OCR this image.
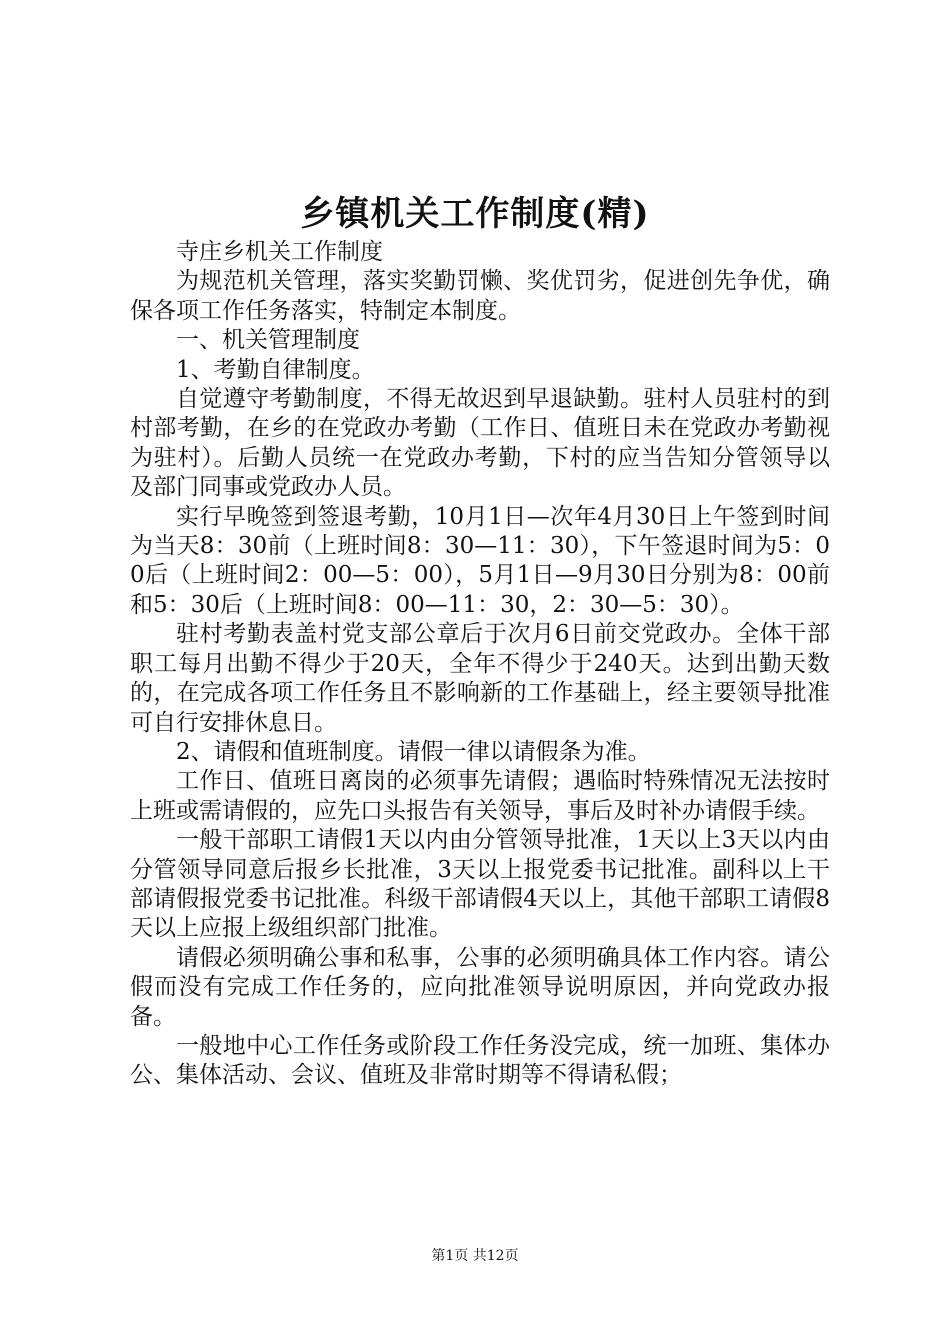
乡镇机关工作制度(精)

寺庄乡机关工作制度

为规范机关管理，落实奖勤罚懒、奖优罚劣，促进创先争优，确保各项工作任务落实，特制定本制度。

一、机关管理制度

1、考勤自律制度。

自觉遵守考勤制度，不得无故迟到早退缺勤。驻村人员驻村的到村部考勤，在乡的在党政办考勤（工作日、值班日未在党政办考勤视为驻村）。后勤人员统一在党政办考勤，下村的应当告知分管领导以及部门同事或党政办人员。

实行早晚签到签退考勤，10月1日—次年4月30日上午签到时间为当天8：30前（上班时间8：30—11：30），下午签退时间为5：00后（上班时间2：00—5：00），5月1日—9月30日分别为8：00前和5：30后（上班时间8：00—11：30，2：30—5：30）。

驻村考勤表盖村党支部公章后于次月6日前交党政办。全体干部职工每月出勤不得少于20天，全年不得少于240天。达到出勤天数的，在完成各项工作任务且不影响新的工作基础上，经主要领导批准可自行安排休息日。

2、请假和值班制度。请假一律以请假条为准。

工作日、值班日离岗的必须事先请假；遇临时特殊情况无法按时上班或需请假的，应先口头报告有关领导，事后及时补办请假手续。

一般干部职工请假1天以内由分管领导批准，1天以上3天以内由分管领导同意后报乡长批准，3天以上报党委书记批准。副科以上干部请假报党委书记批准。科级干部请假4天以上，其他干部职工请假8天以上应报上级组织部门批准。

请假必须明确公事和私事，公事的必须明确具体工作内容。请公假而没有完成工作任务的，应向批准领导说明原因，并向党政办报备。

一般地中心工作任务或阶段工作任务没完成，统一加班、集体办公、集体活动、会议、值班及非常时期等不得请私假；

第1页 共12页
